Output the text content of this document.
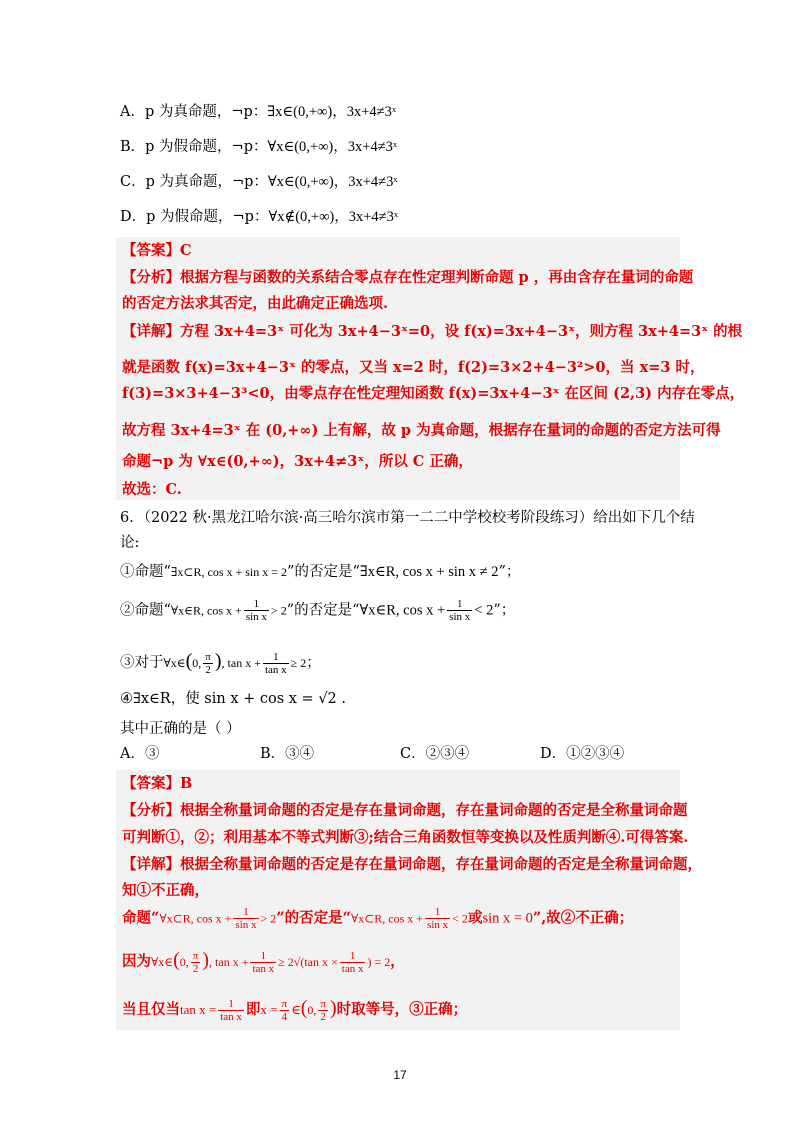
A．p 为真命题，¬p：∃x∈(0,+∞)，3x+4≠3ˣ
B．p 为假命题，¬p：∀x∈(0,+∞)，3x+4≠3ˣ
C．p 为真命题，¬p：∀x∈(0,+∞)，3x+4≠3ˣ
D．p 为假命题，¬p：∀x∉(0,+∞)，3x+4≠3ˣ
【答案】C
【分析】根据方程与函数的关系结合零点存在性定理判断命题 p ，再由含存在量词的命题
的否定方法求其否定，由此确定正确选项.
【详解】方程 3x+4=3ˣ 可化为 3x+4−3ˣ=0，设 f(x)=3x+4−3ˣ，则方程 3x+4=3ˣ 的根
就是函数 f(x)=3x+4−3ˣ 的零点，又当 x=2 时，f(2)=3×2+4−3²>0，当 x=3 时，
f(3)=3×3+4−3³<0，由零点存在性定理知函数 f(x)=3x+4−3ˣ 在区间 (2,3) 内存在零点，
故方程 3x+4=3ˣ 在 (0,+∞) 上有解，故 p 为真命题，根据存在量词的命题的否定方法可得
命题¬p 为 ∀x∈(0,+∞)，3x+4≠3ˣ，所以 C 正确，
故选：C.
6．（2022 秋·黑龙江哈尔滨·高三哈尔滨市第一二二中学校校考阶段练习）给出如下几个结
论:
①命题“∃x⊂R, cos x + sin x = 2”的否定是“∃x∈R, cos x + sin x ≠ 2”；
②命题“∀x∈R, $\cos x + \frac{1}{\text{sin x}} > 2$”的否定是“∀x∈R, $\cos x + \frac{1}{\text{sin x}} < 2$”；
③对于∀x∈(0, $\frac{\pi}{2}$ ), $\tan x + \frac{1}{\text{tan x}} \ge 2$；
④∃x∈R，使 sin x + cos x = √2 .
其中正确的是（ ）
A．③	B．③④	C．②③④	D．①②③④
【答案】B
【分析】根据全称量词命题的否定是存在量词命题，存在量词命题的否定是全称量词命题
可判断①，②；利用基本不等式判断③;结合三角函数恒等变换以及性质判断④.可得答案.
【详解】根据全称量词命题的否定是存在量词命题，存在量词命题的否定是全称量词命题，
知①不正确，
命题“∀x⊂R, $\cos x + \frac{1}{\text{sin x}} > 2$”的否定是“∀x⊂R, $\cos x + \frac{1}{\text{sin x}} < 2$或sin x = 0”,故②不正确；
因为∀x∈(0, $\frac{\pi}{2}$ ), $\tan x + \frac{1}{\text{tan x}} \ge 2√(\tan$ $x \times \frac{1}{\text{tan x}}$ ) = 2，
当且仅当$\tan x = \frac{1}{\text{tan x}}$ 即$x = \frac{\pi}{4}$ ∈(0, $\frac{\pi}{2}$ )时取等号，③正确；
17
